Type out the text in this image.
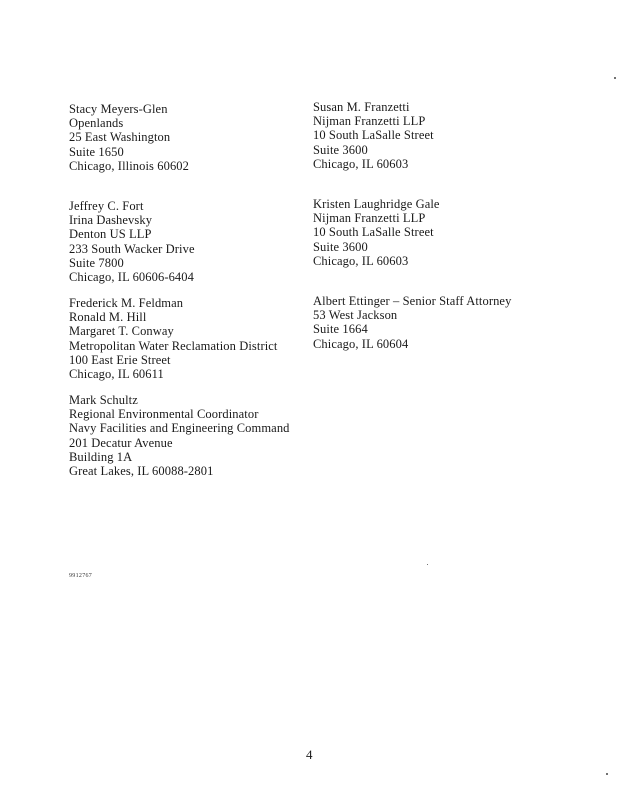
Stacy Meyers-Glen
Openlands
25 East Washington
Suite 1650
Chicago, Illinois 60602
Susan M. Franzetti
Nijman Franzetti LLP
10 South LaSalle Street
Suite 3600
Chicago, IL 60603
Jeffrey C. Fort
Irina Dashevsky
Denton US LLP
233 South Wacker Drive
Suite 7800
Chicago, IL 60606-6404
Kristen Laughridge Gale
Nijman Franzetti LLP
10 South LaSalle Street
Suite 3600
Chicago, IL 60603
Frederick M. Feldman
Ronald M. Hill
Margaret T. Conway
Metropolitan Water Reclamation District
100 East Erie Street
Chicago, IL 60611
Albert Ettinger – Senior Staff Attorney
53 West Jackson
Suite 1664
Chicago, IL 60604
Mark Schultz
Regional Environmental Coordinator
Navy Facilities and Engineering Command
201 Decatur Avenue
Building 1A
Great Lakes, IL 60088-2801
9912767
4
